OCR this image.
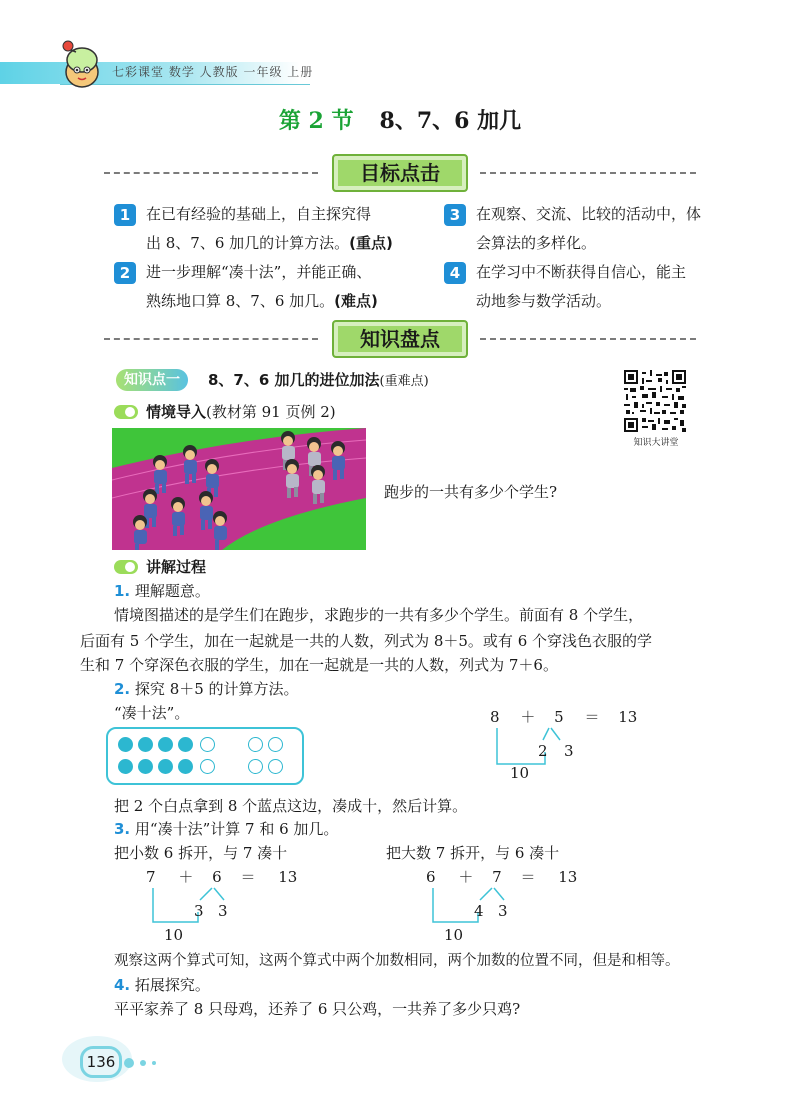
七彩课堂 数学 人教版 一年级 上册
第 2 节 8、7、6 加几
目标点击
1	在已有经验的基础上，自主探究得
出 8、7、6 加几的计算方法。(重点)
2	进一步理解“凑十法”，并能正确、
熟练地口算 8、7、6 加几。(难点)
3	在观察、交流、比较的活动中，体
会算法的多样化。
4	在学习中不断获得自信心，能主
动地参与数学活动。
知识盘点
知识点一	8、7、6 加几的进位加法(重难点)
知识大讲堂
情境导入(教材第 91 页例 2)
跑步的一共有多少个学生?
讲解过程
1. 理解题意。
情境图描述的是学生们在跑步，求跑步的一共有多少个学生。前面有 8 个学生，
后面有 5 个学生，加在一起就是一共的人数，列式为 8＋5。或有 6 个穿浅色衣服的学
生和 7 个穿深色衣服的学生，加在一起就是一共的人数，列式为 7＋6。
2. 探究 8＋5 的计算方法。
“凑十法”。	8 ＋ 5 ＝ 13
2 3
10
把 2 个白点拿到 8 个蓝点这边，凑成十，然后计算。
3. 用“凑十法”计算 7 和 6 加几。
把小数 6 拆开，与 7 凑十	把大数 7 拆开，与 6 凑十
7 ＋ 6 ＝ 13
3 3
10
6 ＋ 7 ＝ 13
4 3
10
观察这两个算式可知，这两个算式中两个加数相同，两个加数的位置不同，但是和相等。
4. 拓展探究。
平平家养了 8 只母鸡，还养了 6 只公鸡，一共养了多少只鸡?
136
